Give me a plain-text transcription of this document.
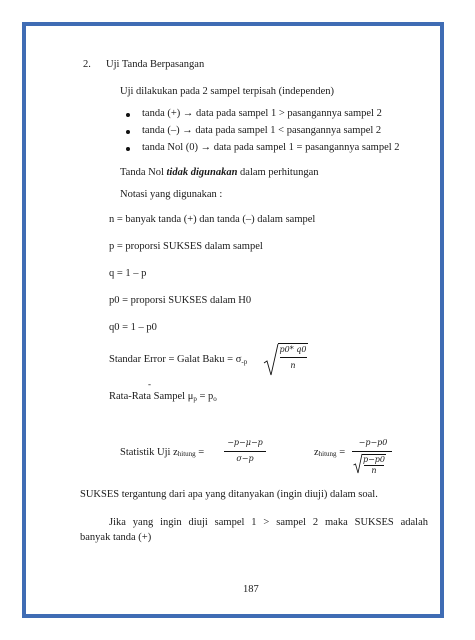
2. Uji Tanda Berpasangan
Uji dilakukan pada 2 sampel terpisah (independen)
tanda (+) → data pada sampel 1 > pasangannya sampel 2
tanda (–) → data pada sampel 1 < pasangannya sampel 2
tanda Nol (0) → data pada sampel 1 = pasangannya sampel 2
Tanda Nol tidak digunakan dalam perhitungan
Notasi yang digunakan :
n = banyak tanda (+) dan tanda (–) dalam sampel
p = proporsi SUKSES dalam sampel
q = 1 – p
p0 = proporsi SUKSES dalam H0
q0 = 1 – p0
Standar Error = Galat Baku = σ-p
p0* q0
n
-
Rata-Rata Sampel μp = po
Statistik Uji zhitung =
−p−μ−p
σ−p
zhitung =
−p−p0
p−p0
n
SUKSES tergantung dari apa yang ditanyakan (ingin diuji) dalam soal.
Jika yang ingin diuji sampel 1 > sampel 2 maka SUKSES adalah
banyak tanda (+)
187
